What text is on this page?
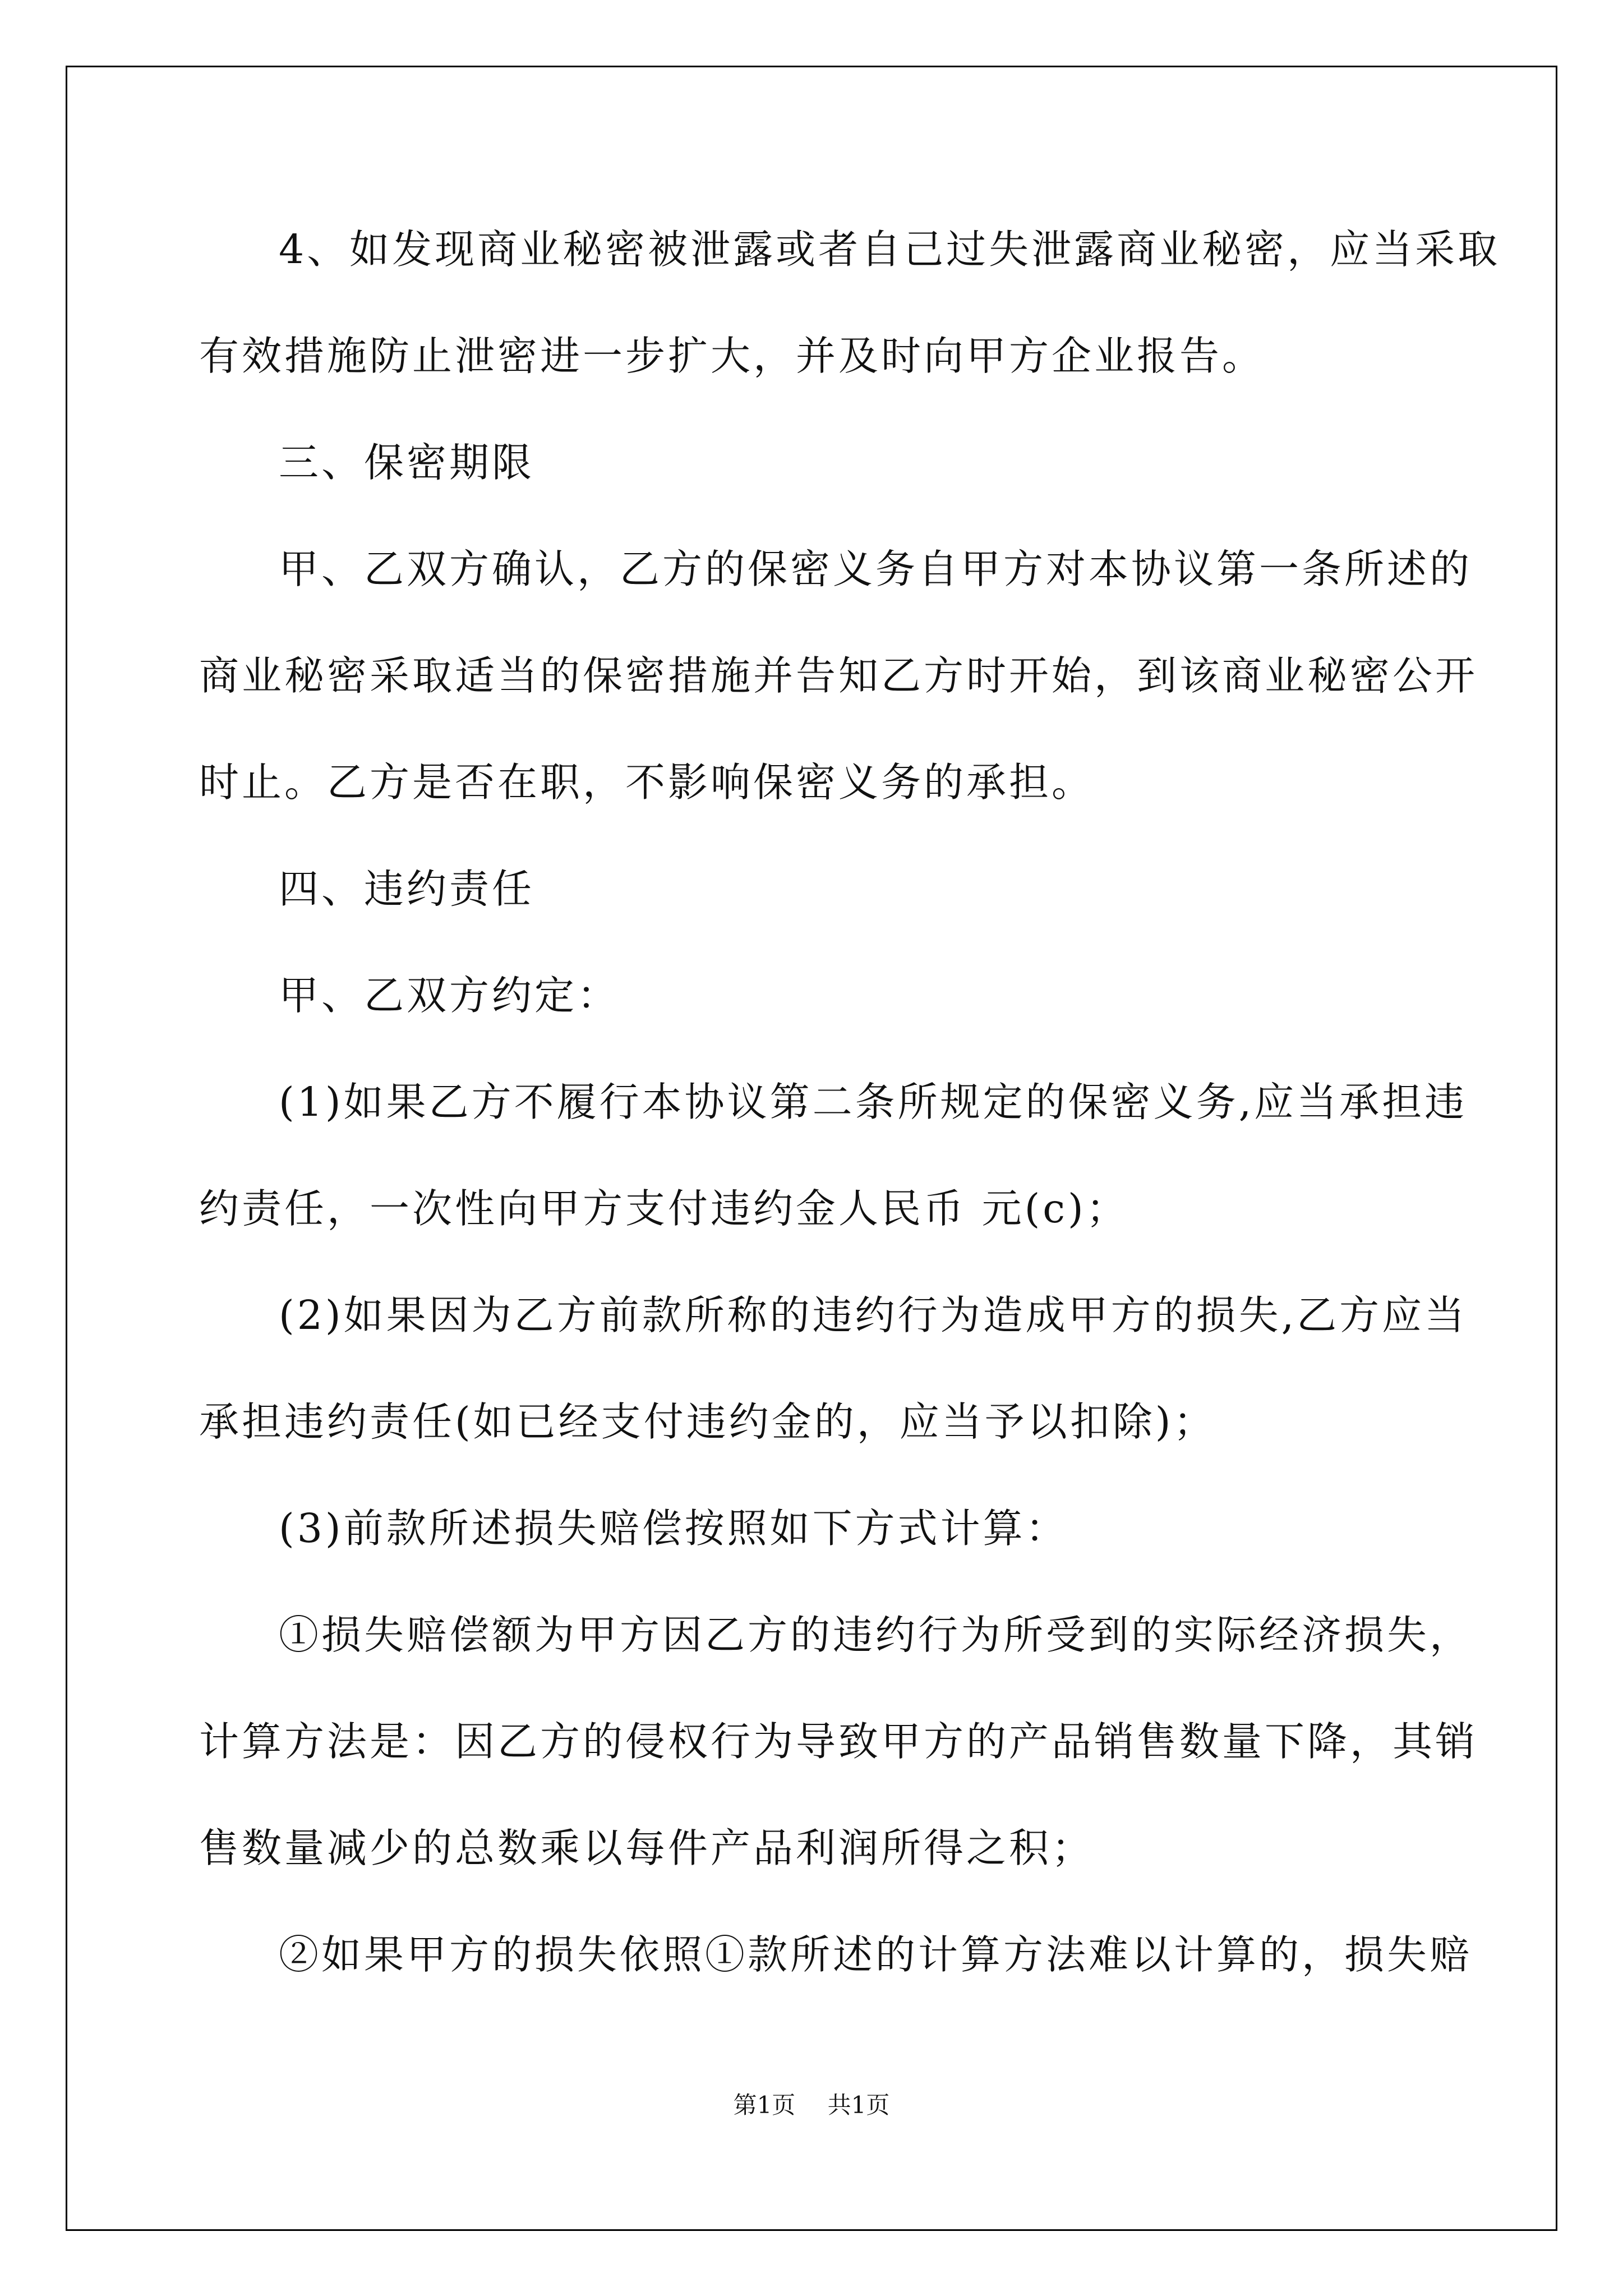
4、如发现商业秘密被泄露或者自己过失泄露商业秘密，应当采取
有效措施防止泄密进一步扩大，并及时向甲方企业报告。
三、保密期限
甲、乙双方确认，乙方的保密义务自甲方对本协议第一条所述的
商业秘密采取适当的保密措施并告知乙方时开始，到该商业秘密公开
时止。乙方是否在职，不影响保密义务的承担。
四、违约责任
甲、乙双方约定：
(1)如果乙方不履行本协议第二条所规定的保密义务,应当承担违
约责任，一次性向甲方支付违约金人民币 元(c)；
(2)如果因为乙方前款所称的违约行为造成甲方的损失,乙方应当
承担违约责任(如已经支付违约金的，应当予以扣除)；
(3)前款所述损失赔偿按照如下方式计算：
①损失赔偿额为甲方因乙方的违约行为所受到的实际经济损失，
计算方法是：因乙方的侵权行为导致甲方的产品销售数量下降，其销
售数量减少的总数乘以每件产品利润所得之积；
②如果甲方的损失依照①款所述的计算方法难以计算的，损失赔
第1页 共1页
